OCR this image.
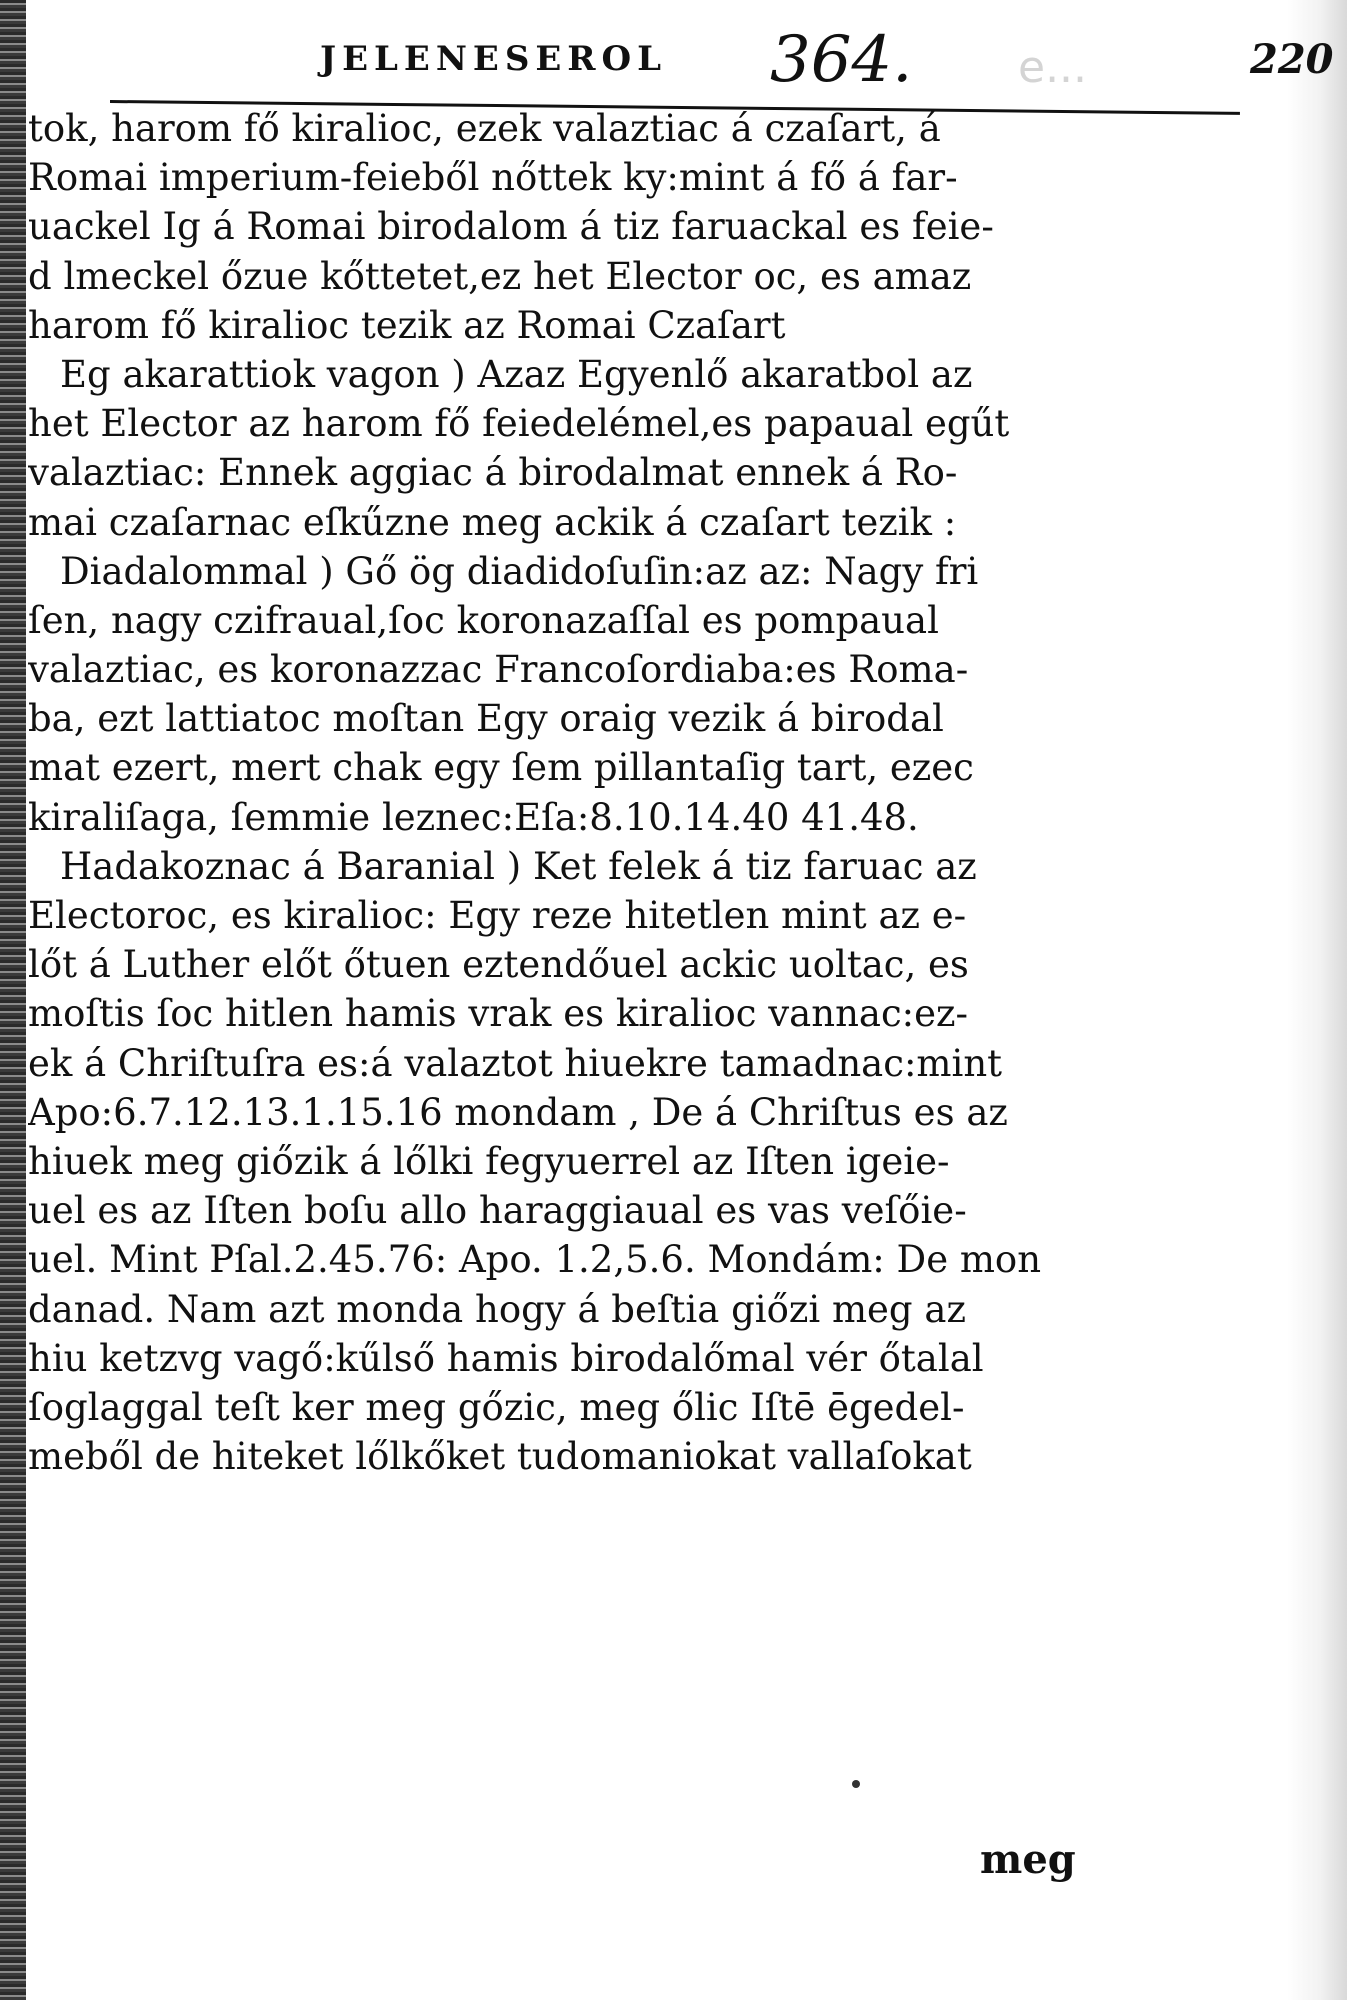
JELENESEROL	364.	e...	220
tok, harom fő kiralioc, ezek valaztiac á czaſart, á
Romai imperium-feieből nőttek ky:mint á fő á far-
uackel Ig á Romai birodalom á tiz faruackal es feie-
d lmeckel őzue kőttetet,ez het Elector oc, es amaz
harom fő kiralioc tezik az Romai Czaſart
Eg akarattiok vagon ) Azaz Egyenlő akaratbol az
het Elector az harom fő feiedelémel,es papaual egűt
valaztiac: Ennek aggiac á birodalmat ennek á Ro-
mai czaſarnac eſkűzne meg ackik á czaſart tezik :
Diadalommal ) Gő ög diadidoſuſin:az az: Nagy fri
ſen, nagy czifraual,ſoc koronazaſſal es pompaual
valaztiac, es koronazzac Francoſordiaba:es Roma-
ba, ezt lattiatoc moſtan Egy oraig vezik á birodal
mat ezert, mert chak egy ſem pillantaſig tart, ezec
kiraliſaga, ſemmie leznec:Eſa:8.10.14.40 41.48.
Hadakoznac á Baranial ) Ket felek á tiz faruac az
Electoroc, es kiralioc: Egy reze hitetlen mint az e-
lőt á Luther előt őtuen eztendőuel ackic uoltac, es
moſtis ſoc hitlen hamis vrak es kiralioc vannac:ez-
ek á Chriſtuſra es:á valaztot hiuekre tamadnac:mint
Apo:6.7.12.13.1.15.16 mondam , De á Chriſtus es az
hiuek meg giőzik á lőlki fegyuerrel az Iſten igeie-
uel es az Iſten boſu allo haraggiaual es vas veſőie-
uel. Mint Pſal.2.45.76: Apo. 1.2,5.6. Mondám: De mon
danad. Nam azt monda hogy á beſtia giőzi meg az
hiu ketzvg vagő:kűlső hamis birodalőmal vér őtalal
ſoglaggal teſt ker meg gőzic, meg őlic Iſtē ēgedel-
meből de hiteket lőlkőket tudomaniokat vallaſokat
meg
